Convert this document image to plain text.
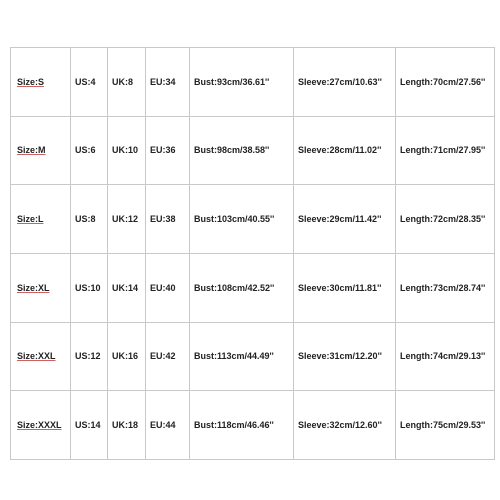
Size:S	US:4	UK:8	EU:34	Bust:93cm/36.61''	Sleeve:27cm/10.63''	Length:70cm/27.56''
Size:M	US:6	UK:10	EU:36	Bust:98cm/38.58''	Sleeve:28cm/11.02''	Length:71cm/27.95''
Size:L	US:8	UK:12	EU:38	Bust:103cm/40.55''	Sleeve:29cm/11.42''	Length:72cm/28.35''
Size:XL	US:10	UK:14	EU:40	Bust:108cm/42.52''	Sleeve:30cm/11.81''	Length:73cm/28.74''
Size:XXL	US:12	UK:16	EU:42	Bust:113cm/44.49''	Sleeve:31cm/12.20''	Length:74cm/29.13''
Size:XXXL	US:14	UK:18	EU:44	Bust:118cm/46.46''	Sleeve:32cm/12.60''	Length:75cm/29.53''
